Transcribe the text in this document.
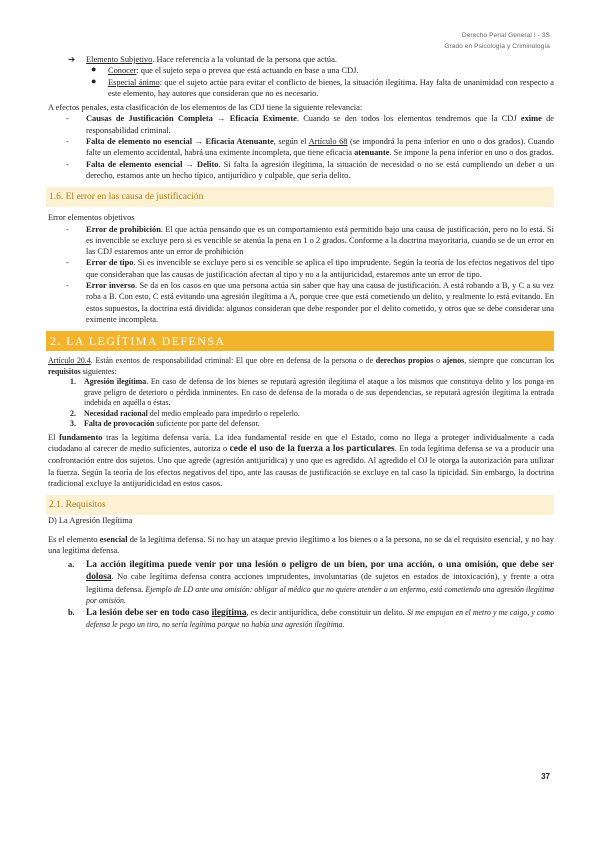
Derecho Penal General I - 3S
Grado en Psicología y Criminología
➔ Elemento Subjetivo. Hace referencia a la voluntad de la persona que actúa.
● Conocer: que el sujeto sepa o prevea que está actuando en base a una CDJ.
● Especial ánimo: que el sujeto actúe para evitar el conflicto de bienes, la situación ilegítima. Hay falta de unanimidad con respecto a este elemento, hay autores que consideran que no es necesario.

A efectos penales, esta clasificación de los elementos de las CDJ tiene la siguiente relevancia:

- Causas de Justificación Completa → Eficacia Eximente. Cuando se den todos los elementos tendremos que la CDJ exime de responsabilidad criminal.
- Falta de elemento no esencial → Eficacia Atenuante, según el Artículo 68 (se impondrá la pena inferior en uno o dos grados). Cuando falte un elemento accidental, habrá una eximente incompleta, que tiene eficacia atenuante. Se impone la pena inferior en uno o dos grados.
- Falta de elemento esencial → Delito. Si falta la agresión ilegítima, la situación de necesidad o no se está cumpliendo un deber o un derecho, estamos ante un hecho típico, antijurídico y culpable, que sería delito.
1.6. El error en las causa de justificación

Error elementos objetivos

- Error de prohibición. El que actúa pensando que es un comportamiento está permitido bajo una causa de justificación, pero no lo está. Si es invencible se excluye pero si es vencible se atenúa la pena en 1 o 2 grados. Conforme a la doctrina mayoritaria, cuando se de un error en las CDJ estaremos ante un error de prohibición
- Error de tipo. Si es invencible se excluye pero si es vencible se aplica el tipo imprudente. Según la teoría de los efectos negativos del tipo que consideraban que las causas de justificación afectan al tipo y no a la antijuricidad, estaremos ante un error de tipo.
- Error inverso. Se da en los casos en que una persona actúa sin saber que hay una causa de justificación. A está robando a B, y C a su vez roba a B. Con esto, C está evitando una agresión ilegítima a A, porque cree que está cometiendo un delito, y realmente lo está evitando. En estos supuestos, la doctrina está dividida: algunos consideran que debe responder por el delito cometido, y otros que se debe considerar una eximente incompleta.
2. LA LEGÍTIMA DEFENSA

Artículo 20.4. Están exentos de responsabilidad criminal: El que obre en defensa de la persona o de derechos propios o ajenos, siempre que concurran los requisitos siguientes:

1. Agresión ilegítima. En caso de defensa de los bienes se reputará agresión ilegítima el ataque a los mismos que constituya delito y los ponga en grave peligro de deterioro o pérdida inminentes. En caso de defensa de la morada o de sus dependencias, se reputará agresión ilegítima la entrada indebida en aquélla o éstas.
2. Necesidad racional del medio empleado para impedirlo o repelerlo.
3. Falta de provocación suficiente por parte del defensor.

El fundamento tras la legítima defensa varía. La idea fundamental reside en que el Estado, como no llega a proteger individualmente a cada ciudadano al carecer de medio suficientes, autoriza o cede el uso de la fuerza a los particulares. En toda legítima defensa se va a producir una confrontación entre dos sujetos. Uno que agrede (agresión antijurídica) y uno que es agredido. Al agredido el OJ le otorga la autorización para utilizar la fuerza. Según la teoría de los efectos negativos del tipo, ante las causas de justificación se excluye en tal caso la tipicidad. Sin embargo, la doctrina tradicional excluye la antijuridicidad en estos casos.

2.1. Requisitos

D) La Agresión Ilegítima

Es el elemento esencial de la legítima defensa. Si no hay un ataque previo ilegítimo a los bienes o a la persona, no se da el requisito esencial, y no hay una legítima defensa.

a. La acción ilegítima puede venir por una lesión o peligro de un bien, por una acción, o una omisión, que debe ser dolosa. No cabe legítima defensa contra acciones imprudentes, involuntarias (de sujetos en estados de intoxicación), y frente a otra legítima defensa. Ejemplo de LD ante una omisión: obligar al médico que no quiere atender a un enfermo, está cometiendo una agresión ilegítima por omisión.
b. La lesión debe ser en todo caso ilegítima, es decir antijurídica, debe constituir un delito. Si me empujan en el metro y me caigo, y como defensa le pego un tiro, no sería legítima porque no había una agresión ilegítima.
37
